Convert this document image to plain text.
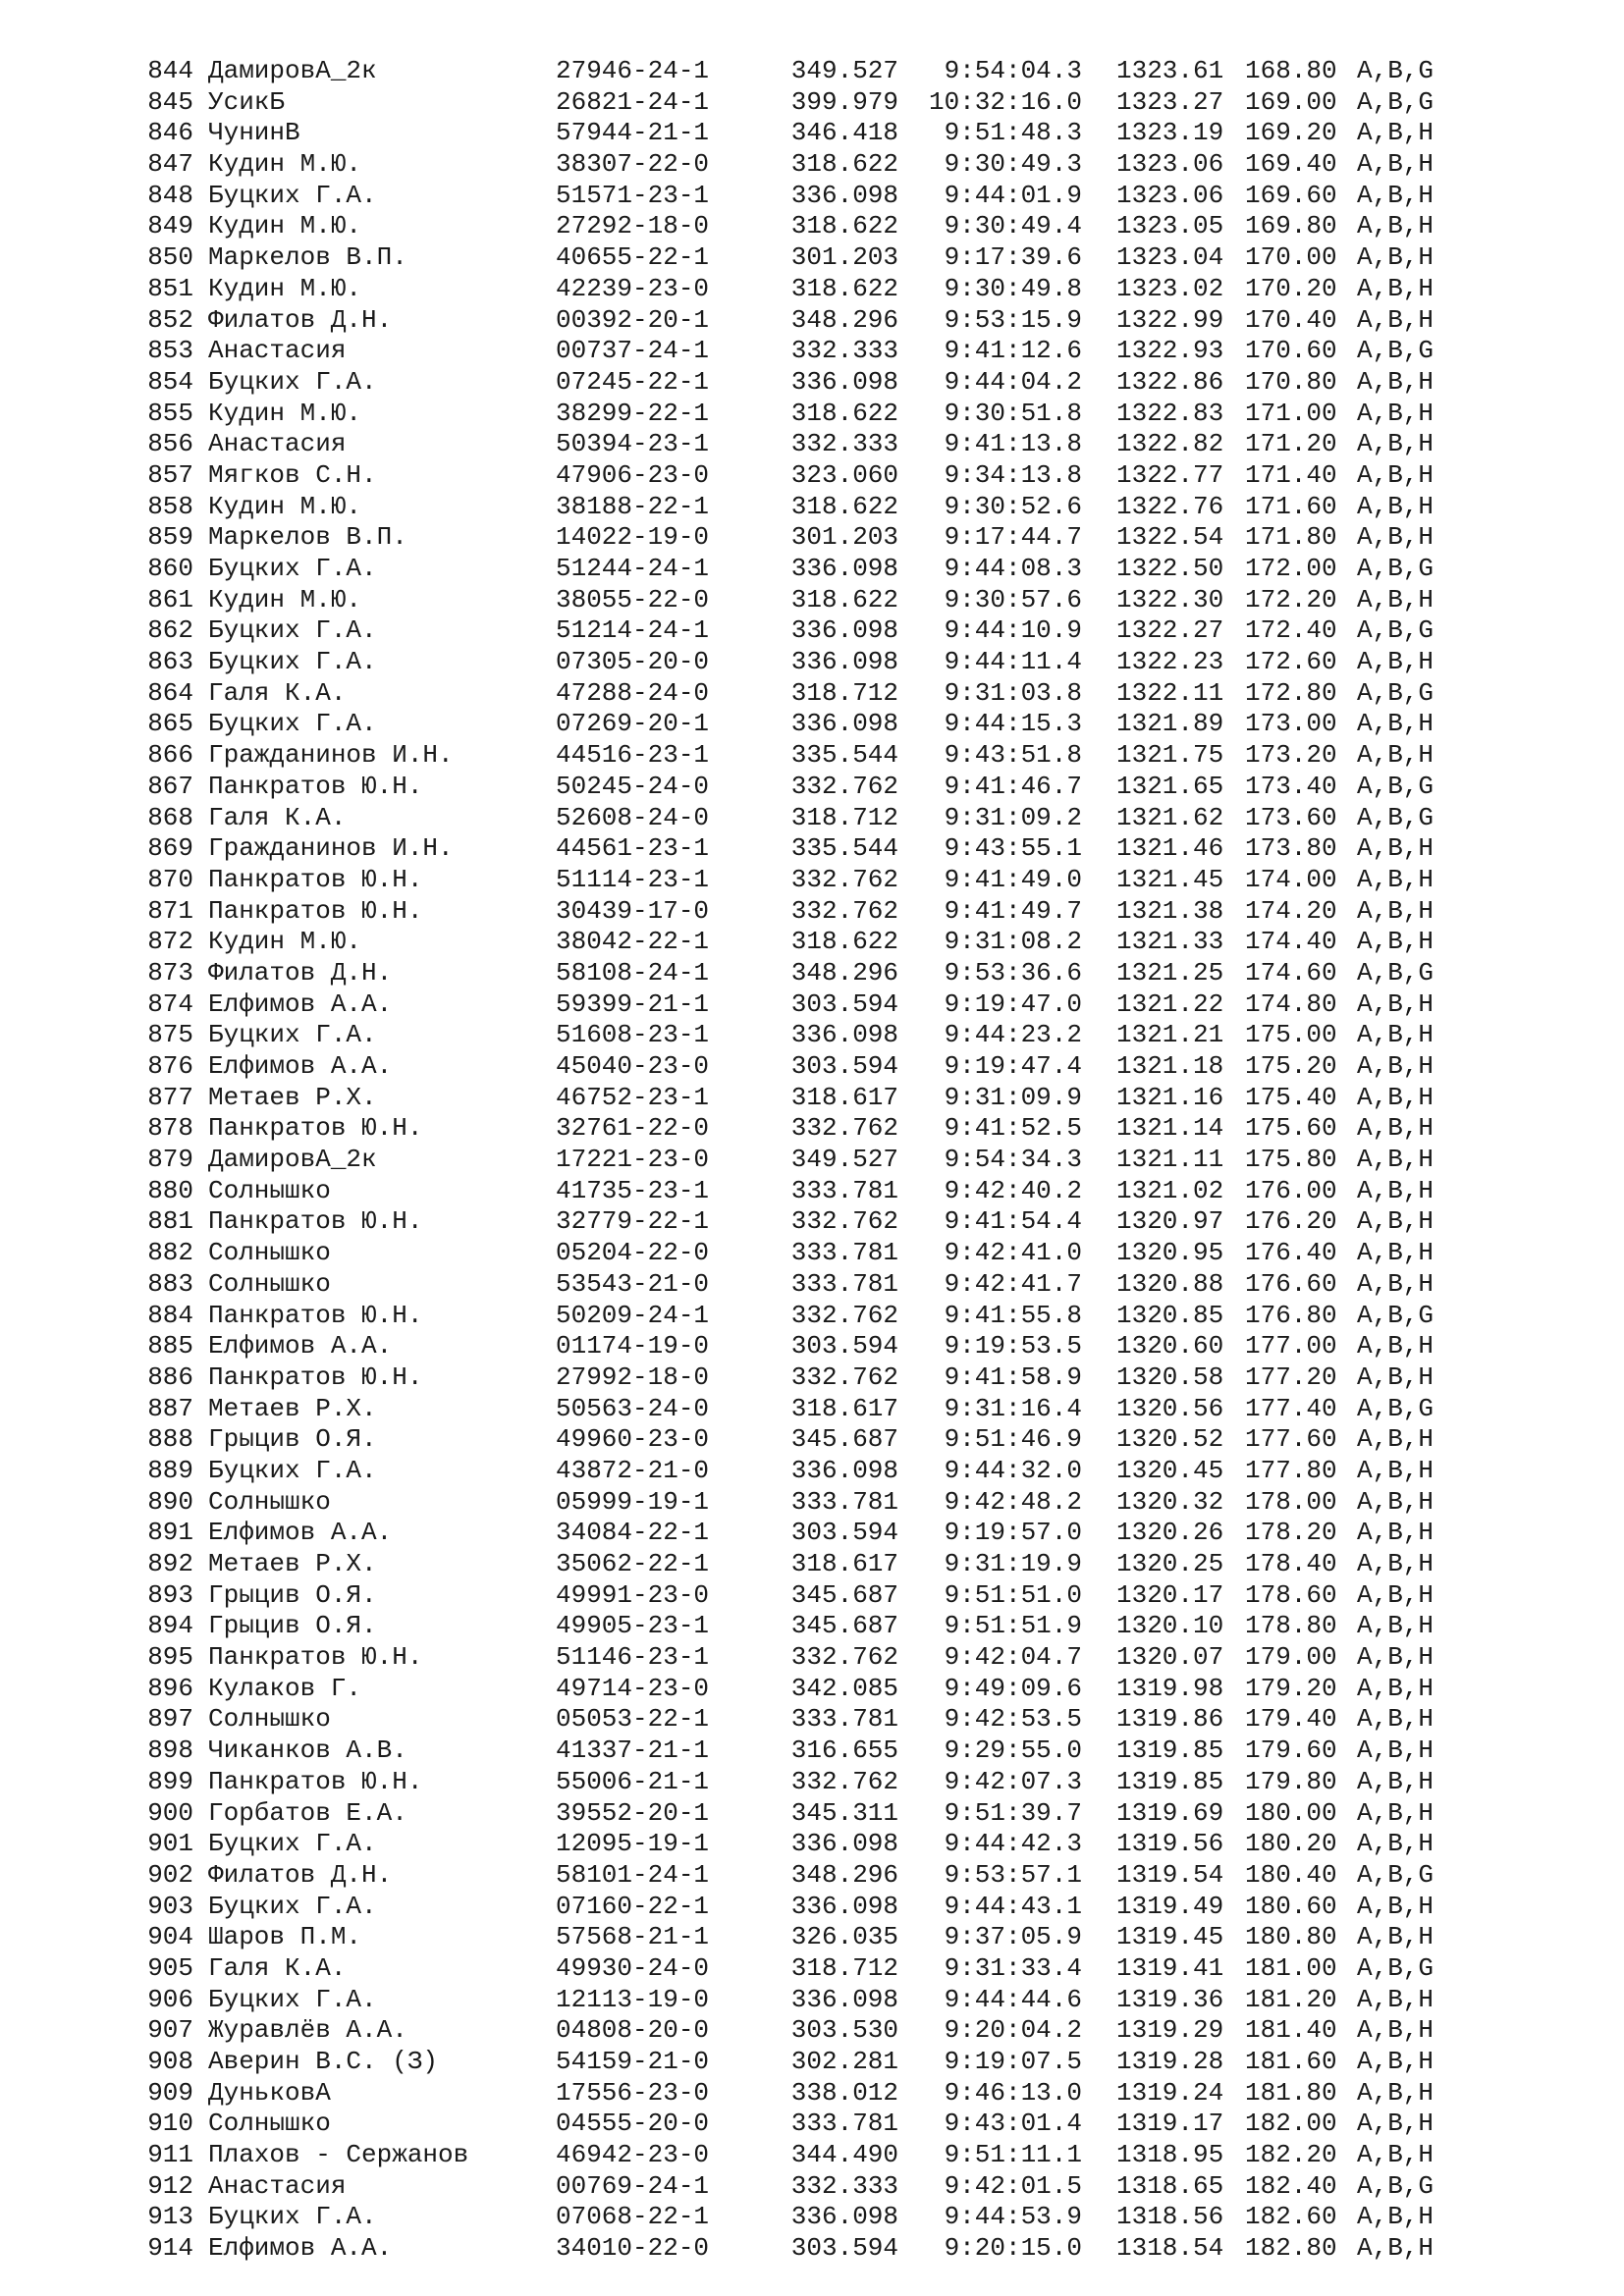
844 ДамировА_2к	27946-24-1	349.527	9:54:04.3 1323.61 168.80 A,B,G
845 УсикБ	26821-24-1	399.979	10:32:16.0 1323.27 169.00 A,B,G
846 ЧунинВ	57944-21-1	346.418	9:51:48.3 1323.19 169.20 A,B,H
847 Кудин М.Ю.	38307-22-0	318.622	9:30:49.3 1323.06 169.40 A,B,H
848 Буцких Г.А.	51571-23-1	336.098	9:44:01.9 1323.06 169.60 A,B,H
849 Кудин М.Ю.	27292-18-0	318.622	9:30:49.4 1323.05 169.80 A,B,H
850 Маркелов В.П.	40655-22-1	301.203	9:17:39.6 1323.04 170.00 A,B,H
851 Кудин М.Ю.	42239-23-0	318.622	9:30:49.8 1323.02 170.20 A,B,H
852 Филатов Д.Н.	00392-20-1	348.296	9:53:15.9 1322.99 170.40 A,B,H
853 Анастасия	00737-24-1	332.333	9:41:12.6 1322.93 170.60 A,B,G
854 Буцких Г.А.	07245-22-1	336.098	9:44:04.2 1322.86 170.80 A,B,H
855 Кудин М.Ю.	38299-22-1	318.622	9:30:51.8 1322.83 171.00 A,B,H
856 Анастасия	50394-23-1	332.333	9:41:13.8 1322.82 171.20 A,B,H
857 Мягков С.Н.	47906-23-0	323.060	9:34:13.8 1322.77 171.40 A,B,H
858 Кудин М.Ю.	38188-22-1	318.622	9:30:52.6 1322.76 171.60 A,B,H
859 Маркелов В.П.	14022-19-0	301.203	9:17:44.7 1322.54 171.80 A,B,H
860 Буцких Г.А.	51244-24-1	336.098	9:44:08.3 1322.50 172.00 A,B,G
861 Кудин М.Ю.	38055-22-0	318.622	9:30:57.6 1322.30 172.20 A,B,H
862 Буцких Г.А.	51214-24-1	336.098	9:44:10.9 1322.27 172.40 A,B,G
863 Буцких Г.А.	07305-20-0	336.098	9:44:11.4 1322.23 172.60 A,B,H
864 Галя К.А.	47288-24-0	318.712	9:31:03.8 1322.11 172.80 A,B,G
865 Буцких Г.А.	07269-20-1	336.098	9:44:15.3 1321.89 173.00 A,B,H
866 Гражданинов И.Н.	44516-23-1	335.544	9:43:51.8 1321.75 173.20 A,B,H
867 Панкратов Ю.Н.	50245-24-0	332.762	9:41:46.7 1321.65 173.40 A,B,G
868 Галя К.А.	52608-24-0	318.712	9:31:09.2 1321.62 173.60 A,B,G
869 Гражданинов И.Н.	44561-23-1	335.544	9:43:55.1 1321.46 173.80 A,B,H
870 Панкратов Ю.Н.	51114-23-1	332.762	9:41:49.0 1321.45 174.00 A,B,H
871 Панкратов Ю.Н.	30439-17-0	332.762	9:41:49.7 1321.38 174.20 A,B,H
872 Кудин М.Ю.	38042-22-1	318.622	9:31:08.2 1321.33 174.40 A,B,H
873 Филатов Д.Н.	58108-24-1	348.296	9:53:36.6 1321.25 174.60 A,B,G
874 Елфимов А.А.	59399-21-1	303.594	9:19:47.0 1321.22 174.80 A,B,H
875 Буцких Г.А.	51608-23-1	336.098	9:44:23.2 1321.21 175.00 A,B,H
876 Елфимов А.А.	45040-23-0	303.594	9:19:47.4 1321.18 175.20 A,B,H
877 Метаев Р.Х.	46752-23-1	318.617	9:31:09.9 1321.16 175.40 A,B,H
878 Панкратов Ю.Н.	32761-22-0	332.762	9:41:52.5 1321.14 175.60 A,B,H
879 ДамировА_2к	17221-23-0	349.527	9:54:34.3 1321.11 175.80 A,B,H
880 Солнышко	41735-23-1	333.781	9:42:40.2 1321.02 176.00 A,B,H
881 Панкратов Ю.Н.	32779-22-1	332.762	9:41:54.4 1320.97 176.20 A,B,H
882 Солнышко	05204-22-0	333.781	9:42:41.0 1320.95 176.40 A,B,H
883 Солнышко	53543-21-0	333.781	9:42:41.7 1320.88 176.60 A,B,H
884 Панкратов Ю.Н.	50209-24-1	332.762	9:41:55.8 1320.85 176.80 A,B,G
885 Елфимов А.А.	01174-19-0	303.594	9:19:53.5 1320.60 177.00 A,B,H
886 Панкратов Ю.Н.	27992-18-0	332.762	9:41:58.9 1320.58 177.20 A,B,H
887 Метаев Р.Х.	50563-24-0	318.617	9:31:16.4 1320.56 177.40 A,B,G
888 Грыцив О.Я.	49960-23-0	345.687	9:51:46.9 1320.52 177.60 A,B,H
889 Буцких Г.А.	43872-21-0	336.098	9:44:32.0 1320.45 177.80 A,B,H
890 Солнышко	05999-19-1	333.781	9:42:48.2 1320.32 178.00 A,B,H
891 Елфимов А.А.	34084-22-1	303.594	9:19:57.0 1320.26 178.20 A,B,H
892 Метаев Р.Х.	35062-22-1	318.617	9:31:19.9 1320.25 178.40 A,B,H
893 Грыцив О.Я.	49991-23-0	345.687	9:51:51.0 1320.17 178.60 A,B,H
894 Грыцив О.Я.	49905-23-1	345.687	9:51:51.9 1320.10 178.80 A,B,H
895 Панкратов Ю.Н.	51146-23-1	332.762	9:42:04.7 1320.07 179.00 A,B,H
896 Кулаков Г.	49714-23-0	342.085	9:49:09.6 1319.98 179.20 A,B,H
897 Солнышко	05053-22-1	333.781	9:42:53.5 1319.86 179.40 A,B,H
898 Чиканков А.В.	41337-21-1	316.655	9:29:55.0 1319.85 179.60 A,B,H
899 Панкратов Ю.Н.	55006-21-1	332.762	9:42:07.3 1319.85 179.80 A,B,H
900 Горбатов Е.А.	39552-20-1	345.311	9:51:39.7 1319.69 180.00 A,B,H
901 Буцких Г.А.	12095-19-1	336.098	9:44:42.3 1319.56 180.20 A,B,H
902 Филатов Д.Н.	58101-24-1	348.296	9:53:57.1 1319.54 180.40 A,B,G
903 Буцких Г.А.	07160-22-1	336.098	9:44:43.1 1319.49 180.60 A,B,H
904 Шаров П.М.	57568-21-1	326.035	9:37:05.9 1319.45 180.80 A,B,H
905 Галя К.А.	49930-24-0	318.712	9:31:33.4 1319.41 181.00 A,B,G
906 Буцких Г.А.	12113-19-0	336.098	9:44:44.6 1319.36 181.20 A,B,H
907 Журавлёв А.А.	04808-20-0	303.530	9:20:04.2 1319.29 181.40 A,B,H
908 Аверин В.С. (З)	54159-21-0	302.281	9:19:07.5 1319.28 181.60 A,B,H
909 ДуньковА	17556-23-0	338.012	9:46:13.0 1319.24 181.80 A,B,H
910 Солнышко	04555-20-0	333.781	9:43:01.4 1319.17 182.00 A,B,H
911 Плахов - Сержанов	46942-23-0	344.490	9:51:11.1 1318.95 182.20 A,B,H
912 Анастасия	00769-24-1	332.333	9:42:01.5 1318.65 182.40 A,B,G
913 Буцких Г.А.	07068-22-1	336.098	9:44:53.9 1318.56 182.60 A,B,H
914 Елфимов А.А.	34010-22-0	303.594	9:20:15.0 1318.54 182.80 A,B,H
